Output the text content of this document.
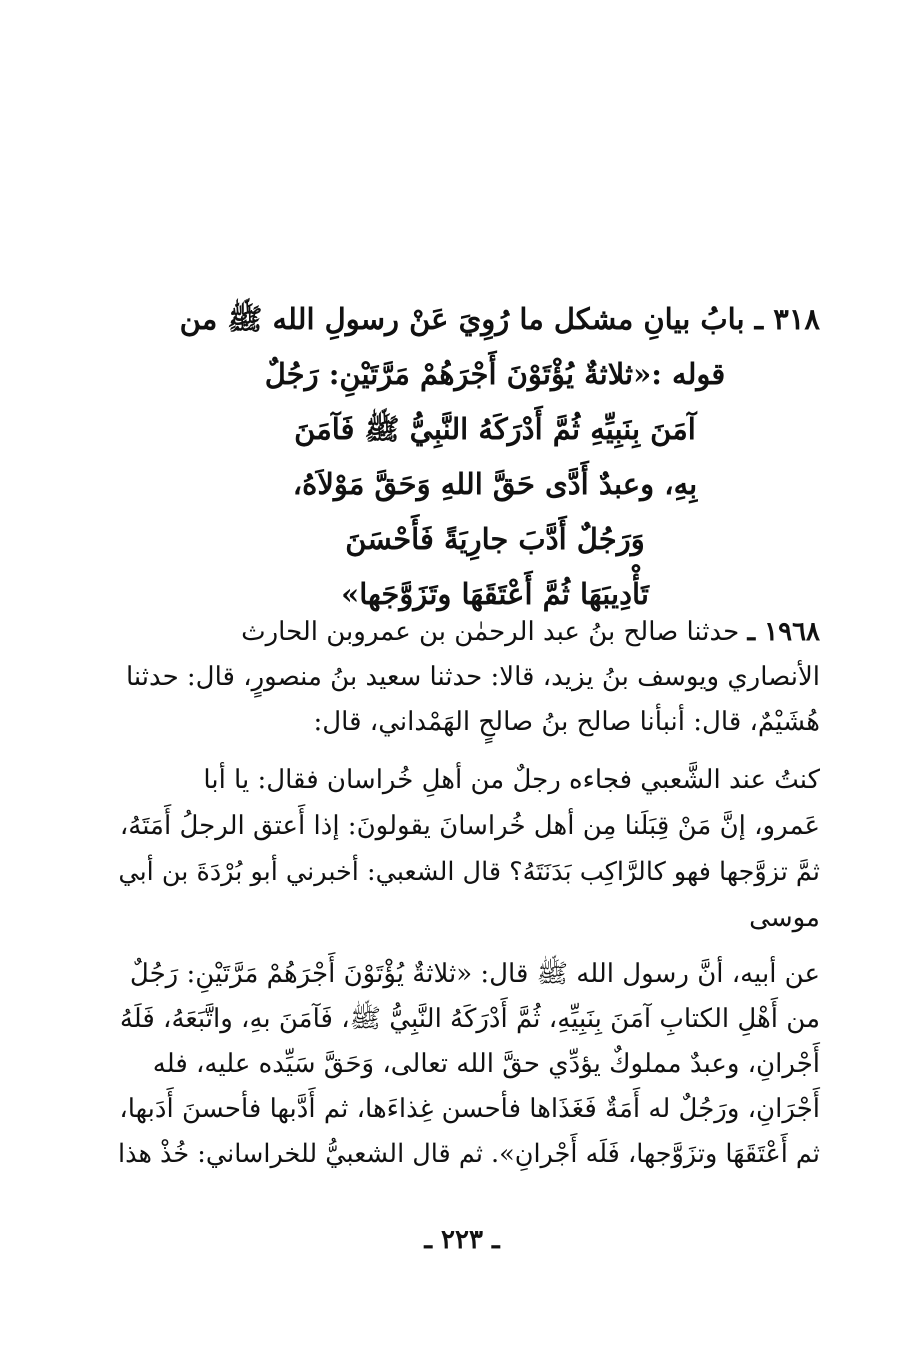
٣١٨ ـ بابُ بيانِ مشكل ما رُوِيَ عَنْ رسولِ الله ﷺ من
قوله :«ثلاثةٌ يُؤْتَوْنَ أَجْرَهُمْ مَرَّتَيْنِ: رَجُلٌ
آمَنَ بِنَبِيِّهِ ثُمَّ أَدْرَكَهُ النَّبِيُّ ﷺ فَآمَنَ
بِهِ، وعبدٌ أَدَّى حَقَّ اللهِ وَحَقَّ مَوْلاَهُ،
وَرَجُلٌ أَدَّبَ جارِيَةً فَأَحْسَنَ
تَأْدِيبَهَا ثُمَّ أَعْتَقَهَا وتَزَوَّجَها»
١٩٦٨ ـ حدثنا صالح بنُ عبد الرحمٰن بن عمروبن الحارث
الأنصاري ويوسف بنُ يزيد، قالا: حدثنا سعيد بنُ منصورٍ، قال: حدثنا
هُشَيْمٌ، قال: أنبأنا صالح بنُ صالحٍ الهَمْداني، قال:
كنتُ عند الشَّعبي فجاءه رجلٌ من أهلِ خُراسان فقال: يا أبا
عَمرو، إنَّ مَنْ قِبَلَنا مِن أهل خُراسانَ يقولونَ: إذا أَعتق الرجلُ أَمَتَهُ،
ثمَّ تزوَّجها فهو كالرَّاكِب بَدَنَتَهُ؟ قال الشعبي: أخبرني أبو بُرْدَةَ بن أبي
موسى
عن أبيه، أنَّ رسول الله ﷺ قال: «ثلاثةٌ يُؤْتَوْنَ أَجْرَهُمْ مَرَّتَيْنِ: رَجُلٌ
من أَهْلِ الكتابِ آمَنَ بِنَبِيِّهِ، ثُمَّ أَدْرَكَهُ النَّبِيُّ ﷺ، فَآمَنَ بهِ، واتَّبَعَهُ، فَلَهُ
أَجْرانِ، وعبدٌ مملوكٌ يؤدِّي حقَّ الله تعالى، وَحَقَّ سَيِّده عليه، فله
أَجْرَانِ، ورَجُلٌ له أَمَةٌ فَغَذَاها فأحسن غِذاءَها، ثم أَدَّبها فأحسنَ أَدَبها،
ثم أَعْتَقَهَا وتزَوَّجها، فَلَه أَجْرانِ». ثم قال الشعبيُّ للخراساني: خُذْ هذا
ـ ٢٢٣ ـ
